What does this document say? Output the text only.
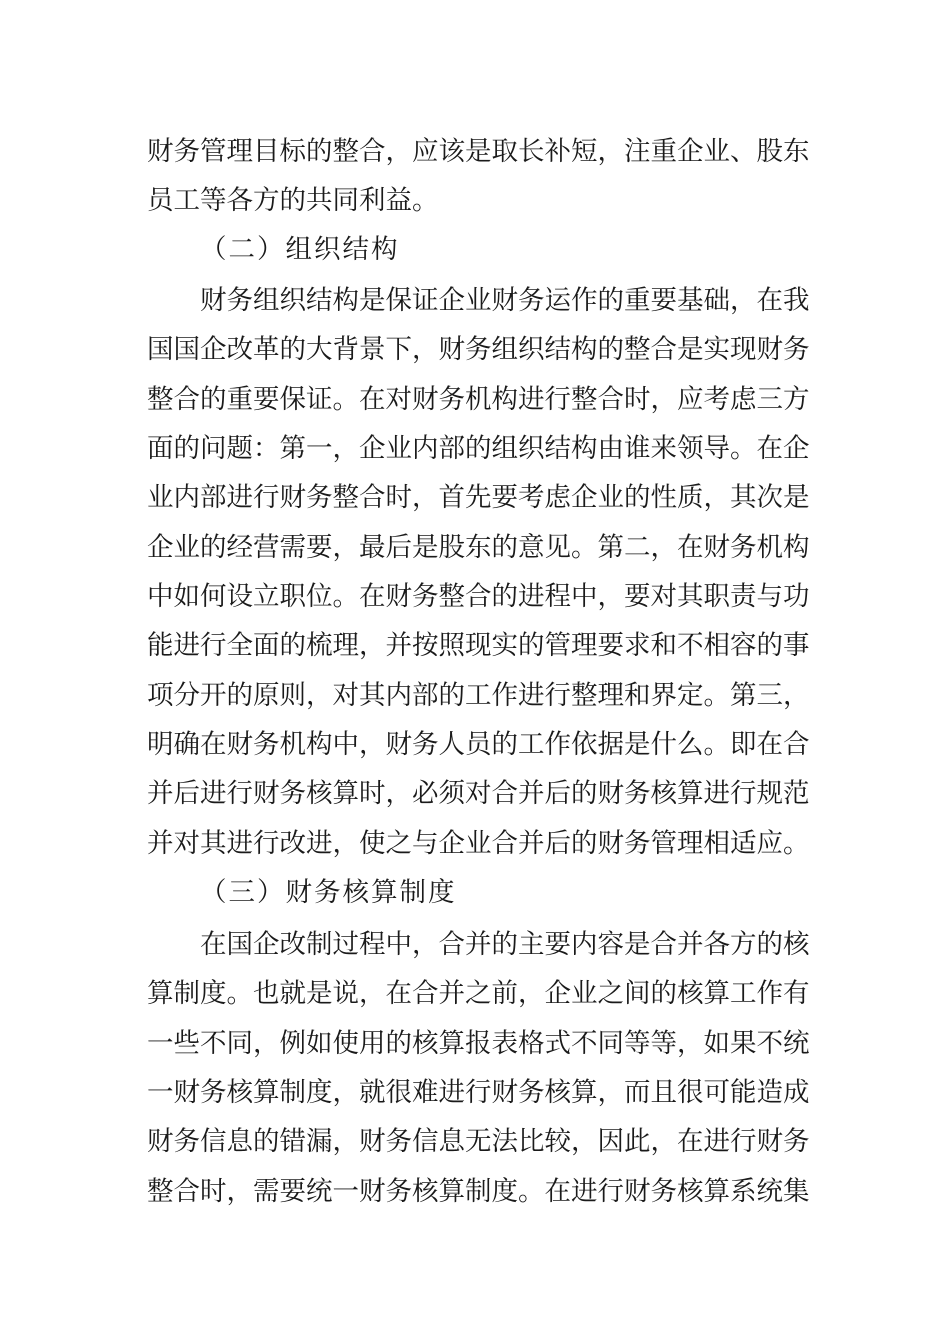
财务管理目标的整合，应该是取长补短，注重企业、股东
员工等各方的共同利益。
（二）组织结构
财务组织结构是保证企业财务运作的重要基础，在我
国国企改革的大背景下，财务组织结构的整合是实现财务
整合的重要保证。在对财务机构进行整合时，应考虑三方
面的问题：第一，企业内部的组织结构由谁来领导。在企
业内部进行财务整合时，首先要考虑企业的性质，其次是
企业的经营需要，最后是股东的意见。第二，在财务机构
中如何设立职位。在财务整合的进程中，要对其职责与功
能进行全面的梳理，并按照现实的管理要求和不相容的事
项分开的原则，对其内部的工作进行整理和界定。第三，
明确在财务机构中，财务人员的工作依据是什么。即在合
并后进行财务核算时，必须对合并后的财务核算进行规范
并对其进行改进，使之与企业合并后的财务管理相适应。
（三）财务核算制度
在国企改制过程中，合并的主要内容是合并各方的核
算制度。也就是说，在合并之前，企业之间的核算工作有
一些不同，例如使用的核算报表格式不同等等，如果不统
一财务核算制度，就很难进行财务核算，而且很可能造成
财务信息的错漏，财务信息无法比较，因此，在进行财务
整合时，需要统一财务核算制度。在进行财务核算系统集
